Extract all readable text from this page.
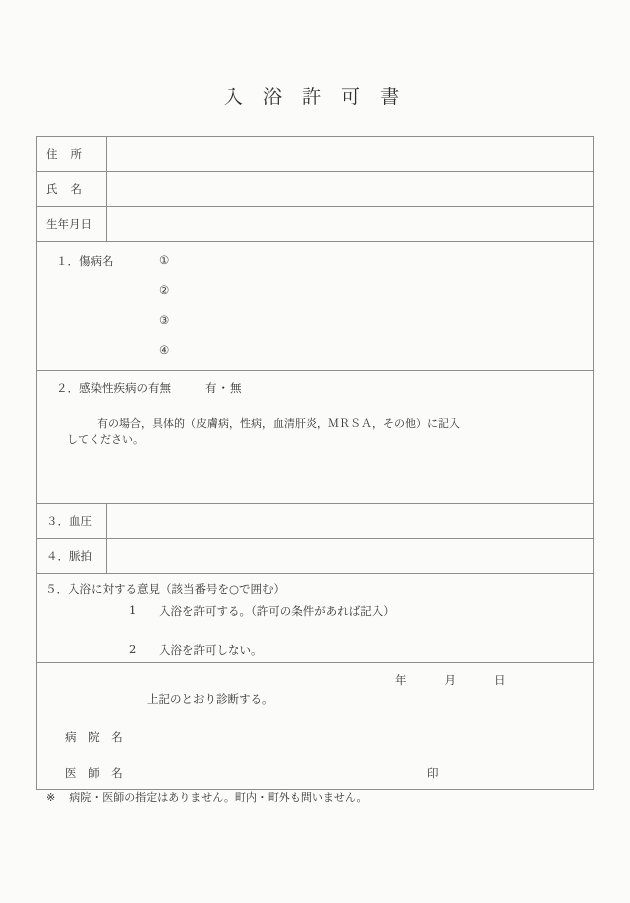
入 浴 許 可 書
住所	
氏名	
生年月日	

１．傷病名 ①
②
③
④	

２．感染性疾病の有無 有・無
有の場合，具体的（皮膚病，性病，血清肝炎，ＭＲＳＡ，その他）に記入
してください。	

３．血圧	
４．脈拍	

５．入浴に対する意見（該当番号を○で囲む）
1 入浴を許可する。（許可の条件があれば記入）
2 入浴を許可しない。	

年 月 日
上記のとおり診断する。
病 院 名
医 師 名 印	
※ 病院・医師の指定はありません。町内・町外も問いません。
